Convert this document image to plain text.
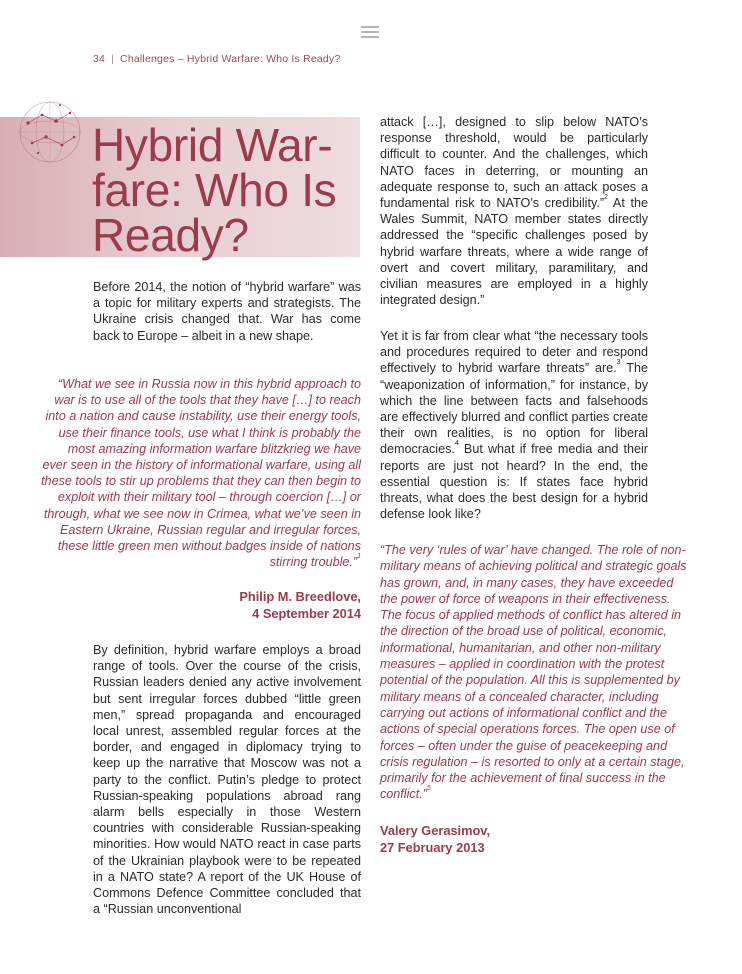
34 | Challenges – Hybrid Warfare: Who Is Ready?
Hybrid War-fare: Who Is Ready?

Before 2014, the notion of “hybrid warfare” was a topic for military experts and strategists. The Ukraine crisis changed that. War has come back to Europe – albeit in a new shape.

“What we see in Russia now in this hybrid approach to war is to use all of the tools that they have […] to reach into a nation and cause instability, use their energy tools, use their finance tools, use what I think is probably the most amazing information warfare blitzkrieg we have ever seen in the history of informational warfare, using all these tools to stir up problems that they can then begin to exploit with their military tool – through coercion […] or through, what we see now in Crimea, what we’ve seen in Eastern Ukraine, Russian regular and irregular forces, these little green men without badges inside of nations stirring trouble.”$^1$

Philip M. Breedlove,
4 September 2014

By definition, hybrid warfare employs a broad range of tools. Over the course of the crisis, Russian leaders denied any active involvement but sent irregular forces dubbed “little green men,” spread propaganda and encouraged local unrest, assembled regular forces at the border, and engaged in diplomacy trying to keep up the narrative that Moscow was not a party to the conflict. Putin’s pledge to protect Russian-speaking populations abroad rang alarm bells especially in those Western countries with considerable Russian-speaking minorities. How would NATO react in case parts of the Ukrainian playbook were to be repeated in a NATO state? A report of the UK House of Commons Defence Committee concluded that a “Russian unconventional

attack […], designed to slip below NATO’s response threshold, would be particularly difficult to counter. And the challenges, which NATO faces in deterring, or mounting an adequate response to, such an attack poses a fundamental risk to NATO’s credibility.”$^2$ At the Wales Summit, NATO member states directly addressed the “specific challenges posed by hybrid warfare threats, where a wide range of overt and covert military, paramilitary, and civilian measures are employed in a highly integrated design.”

Yet it is far from clear what “the necessary tools and procedures required to deter and respond effectively to hybrid warfare threats” are.$^3$ The “weaponization of information,” for instance, by which the line between facts and falsehoods are effectively blurred and conflict parties create their own realities, is no option for liberal democracies.$^4$ But what if free media and their reports are just not heard? In the end, the essential question is: If states face hybrid threats, what does the best design for a hybrid defense look like?

“The very ‘rules of war’ have changed. The role of non-military means of achieving political and strategic goals has grown, and, in many cases, they have exceeded the power of force of weapons in their effectiveness. The focus of applied methods of conflict has altered in the direction of the broad use of political, economic, informational, humanitarian, and other non-military measures – applied in coordination with the protest potential of the population. All this is supplemented by military means of a concealed character, including carrying out actions of informational conflict and the actions of special operations forces. The open use of forces – often under the guise of peacekeeping and crisis regulation – is resorted to only at a certain stage, primarily for the achievement of final success in the conflict.”$^5$

Valery Gerasimov,
27 February 2013
